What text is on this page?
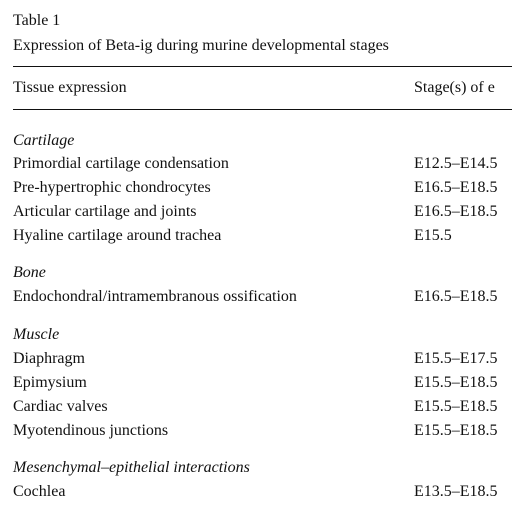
Table 1
Expression of Beta-ig during murine developmental stages
Tissue expression	Stage(s) of e
Cartilage
Primordial cartilage condensation	E12.5–E14.5
Pre-hypertrophic chondrocytes	E16.5–E18.5
Articular cartilage and joints	E16.5–E18.5
Hyaline cartilage around trachea	E15.5
Bone
Endochondral/intramembranous ossification	E16.5–E18.5
Muscle
Diaphragm	E15.5–E17.5
Epimysium	E15.5–E18.5
Cardiac valves	E15.5–E18.5
Myotendinous junctions	E15.5–E18.5
Mesenchymal–epithelial interactions
Cochlea	E13.5–E18.5
